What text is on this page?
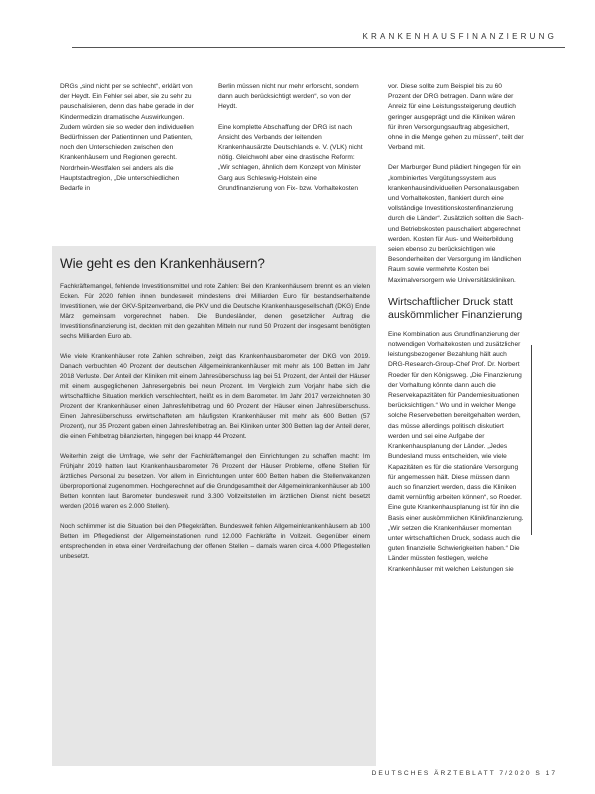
KRANKENHAUSFINANZIERUNG

DRGs „sind nicht per se schlecht“, erklärt von der Heydt. Ein Fehler sei aber, sie zu sehr zu pauschalisieren, denn das habe gerade in der Kindermedizin dramatische Auswirkungen. Zudem würden sie so weder den individuellen Bedürfnissen der Patientinnen und Patienten, noch den Unterschieden zwischen den Krankenhäusern und Regionen gerecht. Nordrhein-Westfalen sei anders als die Hauptstadtregion, „Die unterschiedlichen Bedarfe in

Berlin müssen nicht nur mehr erforscht, sondern dann auch berücksichtigt werden“, so von der Heydt.

Eine komplette Abschaffung der DRG ist nach Ansicht des Verbands der leitenden Krankenhausärzte Deutschlands e. V. (VLK) nicht nötig. Gleichwohl aber eine drastische Reform: „Wir schlagen, ähnlich dem Konzept von Minister Garg aus Schleswig-Holstein eine Grundfinanzierung von Fix- bzw. Vorhaltekosten

vor. Diese sollte zum Beispiel bis zu 60 Prozent der DRG betragen. Dann wäre der Anreiz für eine Leistungssteigerung deutlich geringer ausgeprägt und die Kliniken wären für ihren Versorgungsauftrag abgesichert, ohne in die Menge gehen zu müssen“, teilt der Verband mit.

Der Marburger Bund plädiert hingegen für ein „kombiniertes Vergütungssystem aus krankenhausindividuellen Personalausgaben und Vorhaltekosten, flankiert durch eine vollständige Investitionskostenfinanzierung durch die Länder“. Zusätzlich sollten die Sach- und Betriebskosten pauschaliert abgerechnet werden. Kosten für Aus- und Weiterbildung seien ebenso zu berücksichtigen wie Besonderheiten der Versorgung im ländlichen Raum sowie vermehrte Kosten bei Maximalversorgern wie Universitätskliniken.

Wirtschaftlicher Druck statt auskömmlicher Finanzierung

Eine Kombination aus Grundfinanzierung der notwendigen Vorhaltekosten und zusätzlicher leistungsbezogener Bezahlung hält auch DRG-Research-Group-Chef Prof. Dr. Norbert Roeder für den Königsweg. „Die Finanzierung der Vorhaltung könnte dann auch die Reservekapazitäten für Pandemiesituationen berücksichtigen.“ Wo und in welcher Menge solche Reservebetten bereitgehalten werden, das müsse allerdings politisch diskutiert werden und sei eine Aufgabe der Krankenhausplanung der Länder. „Jedes Bundesland muss entscheiden, wie viele Kapazitäten es für die stationäre Versorgung für angemessen hält. Diese müssen dann auch so finanziert werden, dass die Kliniken damit vernünftig arbeiten können“, so Roeder. Eine gute Krankenhausplanung ist für ihn die Basis einer auskömmlichen Klinikfinanzierung. „Wir setzen die Krankenhäuser momentan unter wirtschaftlichen Druck, sodass auch die guten finanzielle Schwierigkeiten haben.“ Die Länder müssten festlegen, welche Krankenhäuser mit welchen Leistungen sie

Wie geht es den Krankenhäusern?

Fachkräftemangel, fehlende Investitionsmittel und rote Zahlen: Bei den Krankenhäusern brennt es an vielen Ecken. Für 2020 fehlen ihnen bundesweit mindestens drei Milliarden Euro für bestandserhaltende Investitionen, wie der GKV-Spitzenverband, die PKV und die Deutsche Krankenhausgesellschaft (DKG) Ende März gemeinsam vorgerechnet haben. Die Bundesländer, denen gesetzlicher Auftrag die Investitionsfinanzierung ist, deckten mit den gezahlten Mitteln nur rund 50 Prozent der insgesamt benötigten sechs Milliarden Euro ab.

Wie viele Krankenhäuser rote Zahlen schreiben, zeigt das Krankenhausbarometer der DKG von 2019. Danach verbuchten 40 Prozent der deutschen Allgemeinkrankenhäuser mit mehr als 100 Betten im Jahr 2018 Verluste. Der Anteil der Kliniken mit einem Jahresüberschuss lag bei 51 Prozent, der Anteil der Häuser mit einem ausgeglichenen Jahresergebnis bei neun Prozent. Im Vergleich zum Vorjahr habe sich die wirtschaftliche Situation merklich verschlechtert, heißt es in dem Barometer. Im Jahr 2017 verzeichneten 30 Prozent der Krankenhäuser einen Jahresfehlbetrag und 60 Prozent der Häuser einen Jahresüberschuss. Einen Jahresüberschuss erwirtschafteten am häufigsten Krankenhäuser mit mehr als 600 Betten (57 Prozent), nur 35 Prozent gaben einen Jahresfehlbetrag an. Bei Kliniken unter 300 Betten lag der Anteil derer, die einen Fehlbetrag bilanzierten, hingegen bei knapp 44 Prozent.

Weiterhin zeigt die Umfrage, wie sehr der Fachkräftemangel den Einrichtungen zu schaffen macht: Im Frühjahr 2019 hatten laut Krankenhausbarometer 76 Prozent der Häuser Probleme, offene Stellen für ärztliches Personal zu besetzen. Vor allem in Einrichtungen unter 600 Betten haben die Stellenvakanzen überproportional zugenommen. Hochgerechnet auf die Grundgesamtheit der Allgemeinkrankenhäuser ab 100 Betten konnten laut Barometer bundesweit rund 3.300 Vollzeitstellen im ärztlichen Dienst nicht besetzt werden (2016 waren es 2.000 Stellen).

Noch schlimmer ist die Situation bei den Pflegekräften. Bundesweit fehlen Allgemeinkrankenhäusern ab 100 Betten im Pflegedienst der Allgemeinstationen rund 12.000 Fachkräfte in Vollzeit. Gegenüber einem entsprechenden in etwa einer Verdreifachung der offenen Stellen – damals waren circa 4.000 Pflegestellen unbesetzt.

DEUTSCHES ÄRZTEBLATT 7/2020 S 17
